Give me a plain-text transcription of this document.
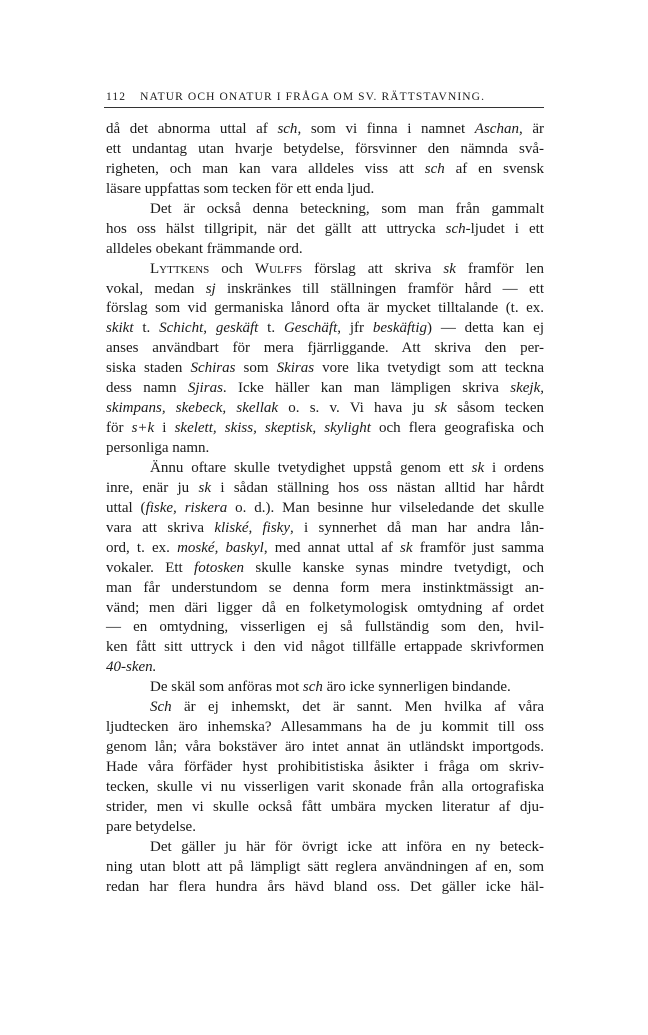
112 NATUR OCH ONATUR I FRÅGA OM SV. RÄTTSTAVNING.
då det abnorma uttal af sch, som vi finna i namnet Aschan, är
ett undantag utan hvarje betydelse, försvinner den nämnda svå-
righeten, och man kan vara alldeles viss att sch af en svensk
läsare uppfattas som tecken för ett enda ljud.
Det är också denna beteckning, som man från gammalt
hos oss hälst tillgripit, när det gällt att uttrycka sch-ljudet i ett
alldeles obekant främmande ord.
Lyttkens och Wulffs förslag att skriva sk framför len
vokal, medan sj inskränkes till ställningen framför hård — ett
förslag som vid germaniska lånord ofta är mycket tilltalande (t. ex.
skikt t. Schicht, geskäft t. Geschäft, jfr beskäftig) — detta kan ej
anses användbart för mera fjärrliggande. Att skriva den per-
siska staden Schiras som Skiras vore lika tvetydigt som att teckna
dess namn Sjiras. Icke häller kan man lämpligen skriva skejk,
skimpans, skebeck, skellak o. s. v. Vi hava ju sk såsom tecken
för s+k i skelett, skiss, skeptisk, skylight och flera geografiska och
personliga namn.
Ännu oftare skulle tvetydighet uppstå genom ett sk i ordens
inre, enär ju sk i sådan ställning hos oss nästan alltid har hårdt
uttal (fiske, riskera o. d.). Man besinne hur vilseledande det skulle
vara att skriva kliské, fisky, i synnerhet då man har andra lån-
ord, t. ex. moské, baskyl, med annat uttal af sk framför just samma
vokaler. Ett fotosken skulle kanske synas mindre tvetydigt, och
man får understundom se denna form mera instinktmässigt an-
vänd; men däri ligger då en folketymologisk omtydning af ordet
— en omtydning, visserligen ej så fullständig som den, hvil-
ken fått sitt uttryck i den vid något tillfälle ertappade skrivformen
40-sken.
De skäl som anföras mot sch äro icke synnerligen bindande.
Sch är ej inhemskt, det är sannt. Men hvilka af våra
ljudtecken äro inhemska? Allesammans ha de ju kommit till oss
genom lån; våra bokstäver äro intet annat än utländskt importgods.
Hade våra förfäder hyst prohibitistiska åsikter i fråga om skriv-
tecken, skulle vi nu visserligen varit skonade från alla ortografiska
strider, men vi skulle också fått umbära mycken literatur af dju-
pare betydelse.
Det gäller ju här för övrigt icke att införa en ny beteck-
ning utan blott att på lämpligt sätt reglera användningen af en, som
redan har flera hundra års hävd bland oss. Det gäller icke häl-
